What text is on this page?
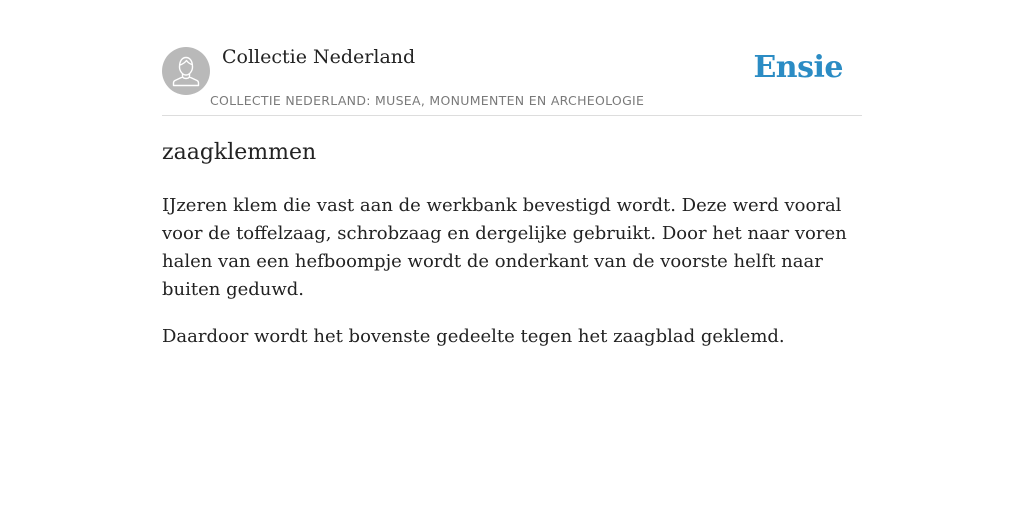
Collectie Nederland
COLLECTIE NEDERLAND: MUSEA, MONUMENTEN EN ARCHEOLOGIE
Ensie
zaagklemmen

IJzeren klem die vast aan de werkbank bevestigd wordt. Deze werd vooral voor de toffelzaag, schrobzaag en dergelijke gebruikt. Door het naar voren halen van een hefboompje wordt de onderkant van de voorste helft naar buiten geduwd.

Daardoor wordt het bovenste gedeelte tegen het zaagblad geklemd.
